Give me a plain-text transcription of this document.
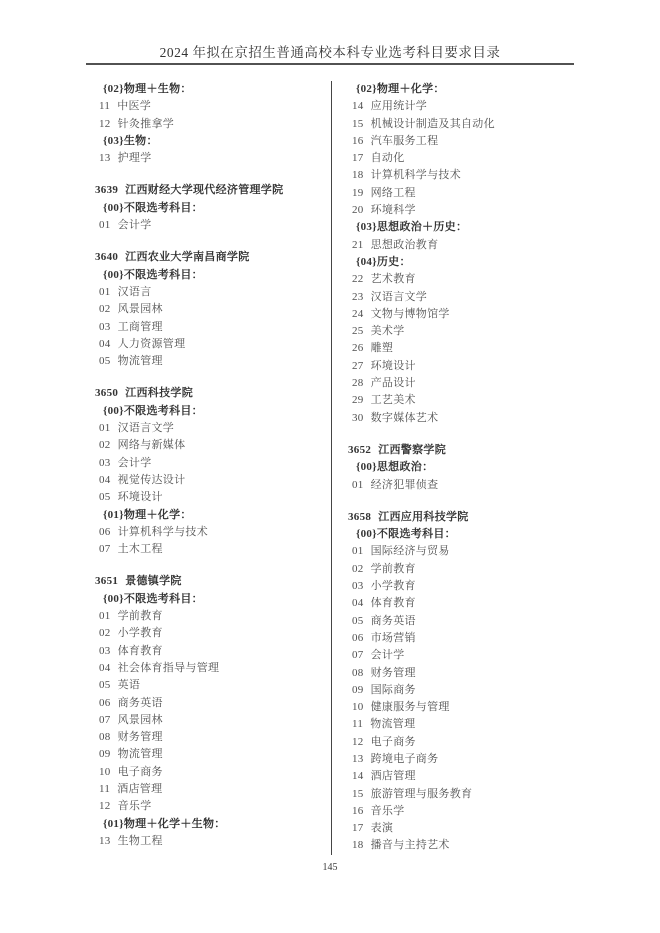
2024 年拟在京招生普通高校本科专业选考科目要求目录
{02}物理＋生物：
11 中医学
12 针灸推拿学
{03}生物：
13 护理学
3639 江西财经大学现代经济管理学院
{00}不限选考科目：
01 会计学
3640 江西农业大学南昌商学院
{00}不限选考科目：
01 汉语言
02 风景园林
03 工商管理
04 人力资源管理
05 物流管理
3650 江西科技学院
{00}不限选考科目：
01 汉语言文学
02 网络与新媒体
03 会计学
04 视觉传达设计
05 环境设计
{01}物理＋化学：
06 计算机科学与技术
07 土木工程
3651 景德镇学院
{00}不限选考科目：
01 学前教育
02 小学教育
03 体育教育
04 社会体育指导与管理
05 英语
06 商务英语
07 风景园林
08 财务管理
09 物流管理
10 电子商务
11 酒店管理
12 音乐学
{01}物理＋化学＋生物：
13 生物工程
{02}物理＋化学：
14 应用统计学
15 机械设计制造及其自动化
16 汽车服务工程
17 自动化
18 计算机科学与技术
19 网络工程
20 环境科学
{03}思想政治＋历史：
21 思想政治教育
{04}历史：
22 艺术教育
23 汉语言文学
24 文物与博物馆学
25 美术学
26 雕塑
27 环境设计
28 产品设计
29 工艺美术
30 数字媒体艺术
3652 江西警察学院
{00}思想政治：
01 经济犯罪侦查
3658 江西应用科技学院
{00}不限选考科目：
01 国际经济与贸易
02 学前教育
03 小学教育
04 体育教育
05 商务英语
06 市场营销
07 会计学
08 财务管理
09 国际商务
10 健康服务与管理
11 物流管理
12 电子商务
13 跨境电子商务
14 酒店管理
15 旅游管理与服务教育
16 音乐学
17 表演
18 播音与主持艺术
145
